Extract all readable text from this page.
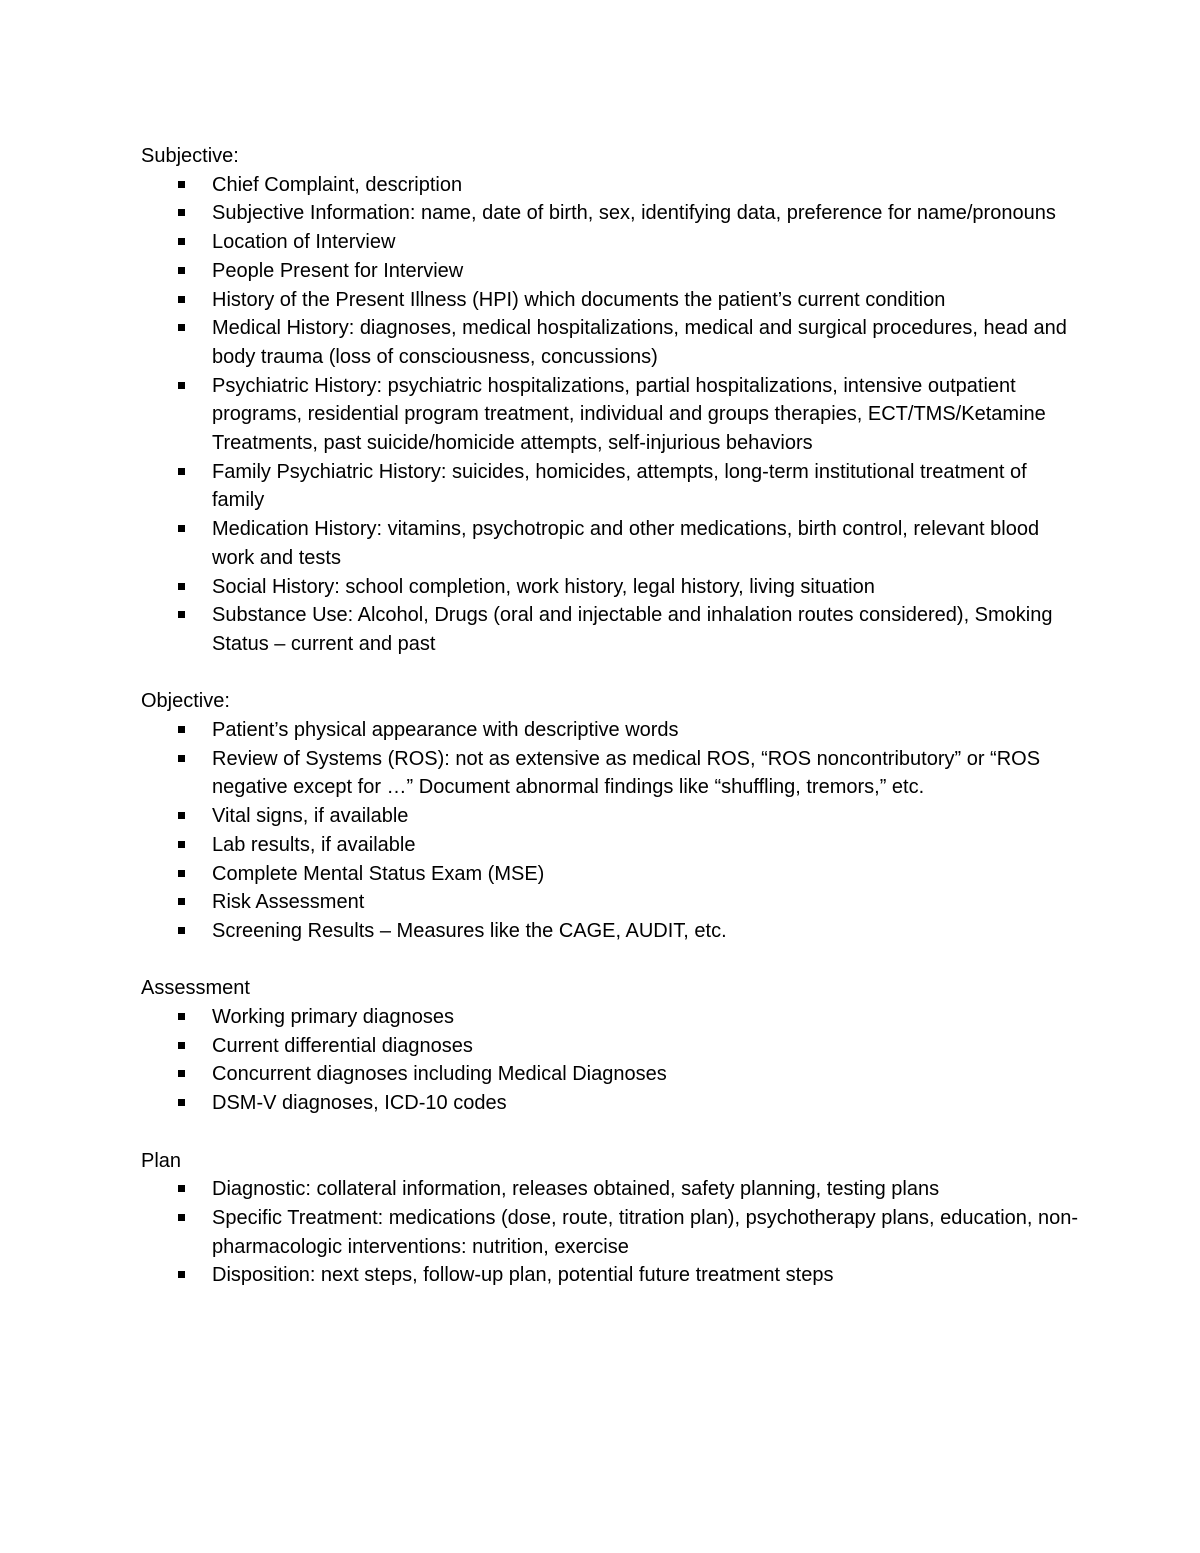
Subjective:
Chief Complaint, description
Subjective Information: name, date of birth, sex, identifying data, preference for name/pronouns
Location of Interview
People Present for Interview
History of the Present Illness (HPI) which documents the patient’s current condition
Medical History: diagnoses, medical hospitalizations, medical and surgical procedures, head and body trauma (loss of consciousness, concussions)
Psychiatric History: psychiatric hospitalizations, partial hospitalizations, intensive outpatient programs, residential program treatment, individual and groups therapies, ECT/TMS/Ketamine Treatments, past suicide/homicide attempts, self-injurious behaviors
Family Psychiatric History: suicides, homicides, attempts, long-term institutional treatment of family
Medication History: vitamins, psychotropic and other medications, birth control, relevant blood work and tests
Social History: school completion, work history, legal history, living situation
Substance Use: Alcohol, Drugs (oral and injectable and inhalation routes considered), Smoking Status – current and past
Objective:
Patient’s physical appearance with descriptive words
Review of Systems (ROS): not as extensive as medical ROS, “ROS noncontributory” or “ROS negative except for …” Document abnormal findings like “shuffling, tremors,” etc.
Vital signs, if available
Lab results, if available
Complete Mental Status Exam (MSE)
Risk Assessment
Screening Results – Measures like the CAGE, AUDIT, etc.
Assessment
Working primary diagnoses
Current differential diagnoses
Concurrent diagnoses including Medical Diagnoses
DSM-V diagnoses, ICD-10 codes
Plan
Diagnostic: collateral information, releases obtained, safety planning, testing plans
Specific Treatment: medications (dose, route, titration plan), psychotherapy plans, education, non-pharmacologic interventions: nutrition, exercise
Disposition: next steps, follow-up plan, potential future treatment steps
